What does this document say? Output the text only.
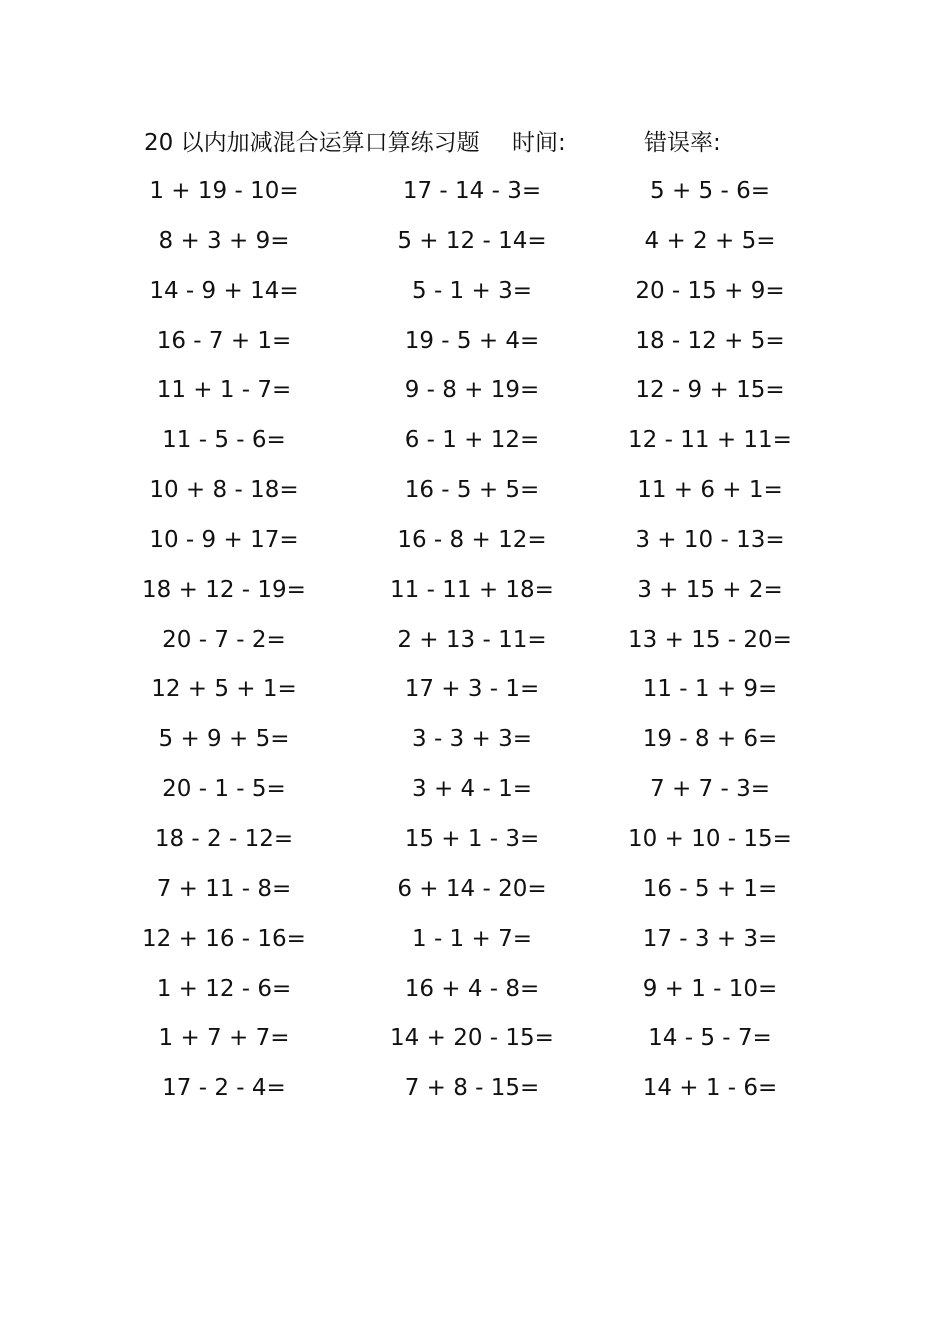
20 以内加减混合运算口算练习题 时间:	错误率:
1 + 19 - 10=	17 - 14 - 3=	5 + 5 - 6=
8 + 3 + 9=	5 + 12 - 14=	4 + 2 + 5=
14 - 9 + 14=	5 - 1 + 3=	20 - 15 + 9=
16 - 7 + 1=	19 - 5 + 4=	18 - 12 + 5=
11 + 1 - 7=	9 - 8 + 19=	12 - 9 + 15=
11 - 5 - 6=	6 - 1 + 12=	12 - 11 + 11=
10 + 8 - 18=	16 - 5 + 5=	11 + 6 + 1=
10 - 9 + 17=	16 - 8 + 12=	3 + 10 - 13=
18 + 12 - 19=	11 - 11 + 18=	3 + 15 + 2=
20 - 7 - 2=	2 + 13 - 11=	13 + 15 - 20=
12 + 5 + 1=	17 + 3 - 1=	11 - 1 + 9=
5 + 9 + 5=	3 - 3 + 3=	19 - 8 + 6=
20 - 1 - 5=	3 + 4 - 1=	7 + 7 - 3=
18 - 2 - 12=	15 + 1 - 3=	10 + 10 - 15=
7 + 11 - 8=	6 + 14 - 20=	16 - 5 + 1=
12 + 16 - 16=	1 - 1 + 7=	17 - 3 + 3=
1 + 12 - 6=	16 + 4 - 8=	9 + 1 - 10=
1 + 7 + 7=	14 + 20 - 15=	14 - 5 - 7=
17 - 2 - 4=	7 + 8 - 15=	14 + 1 - 6=
